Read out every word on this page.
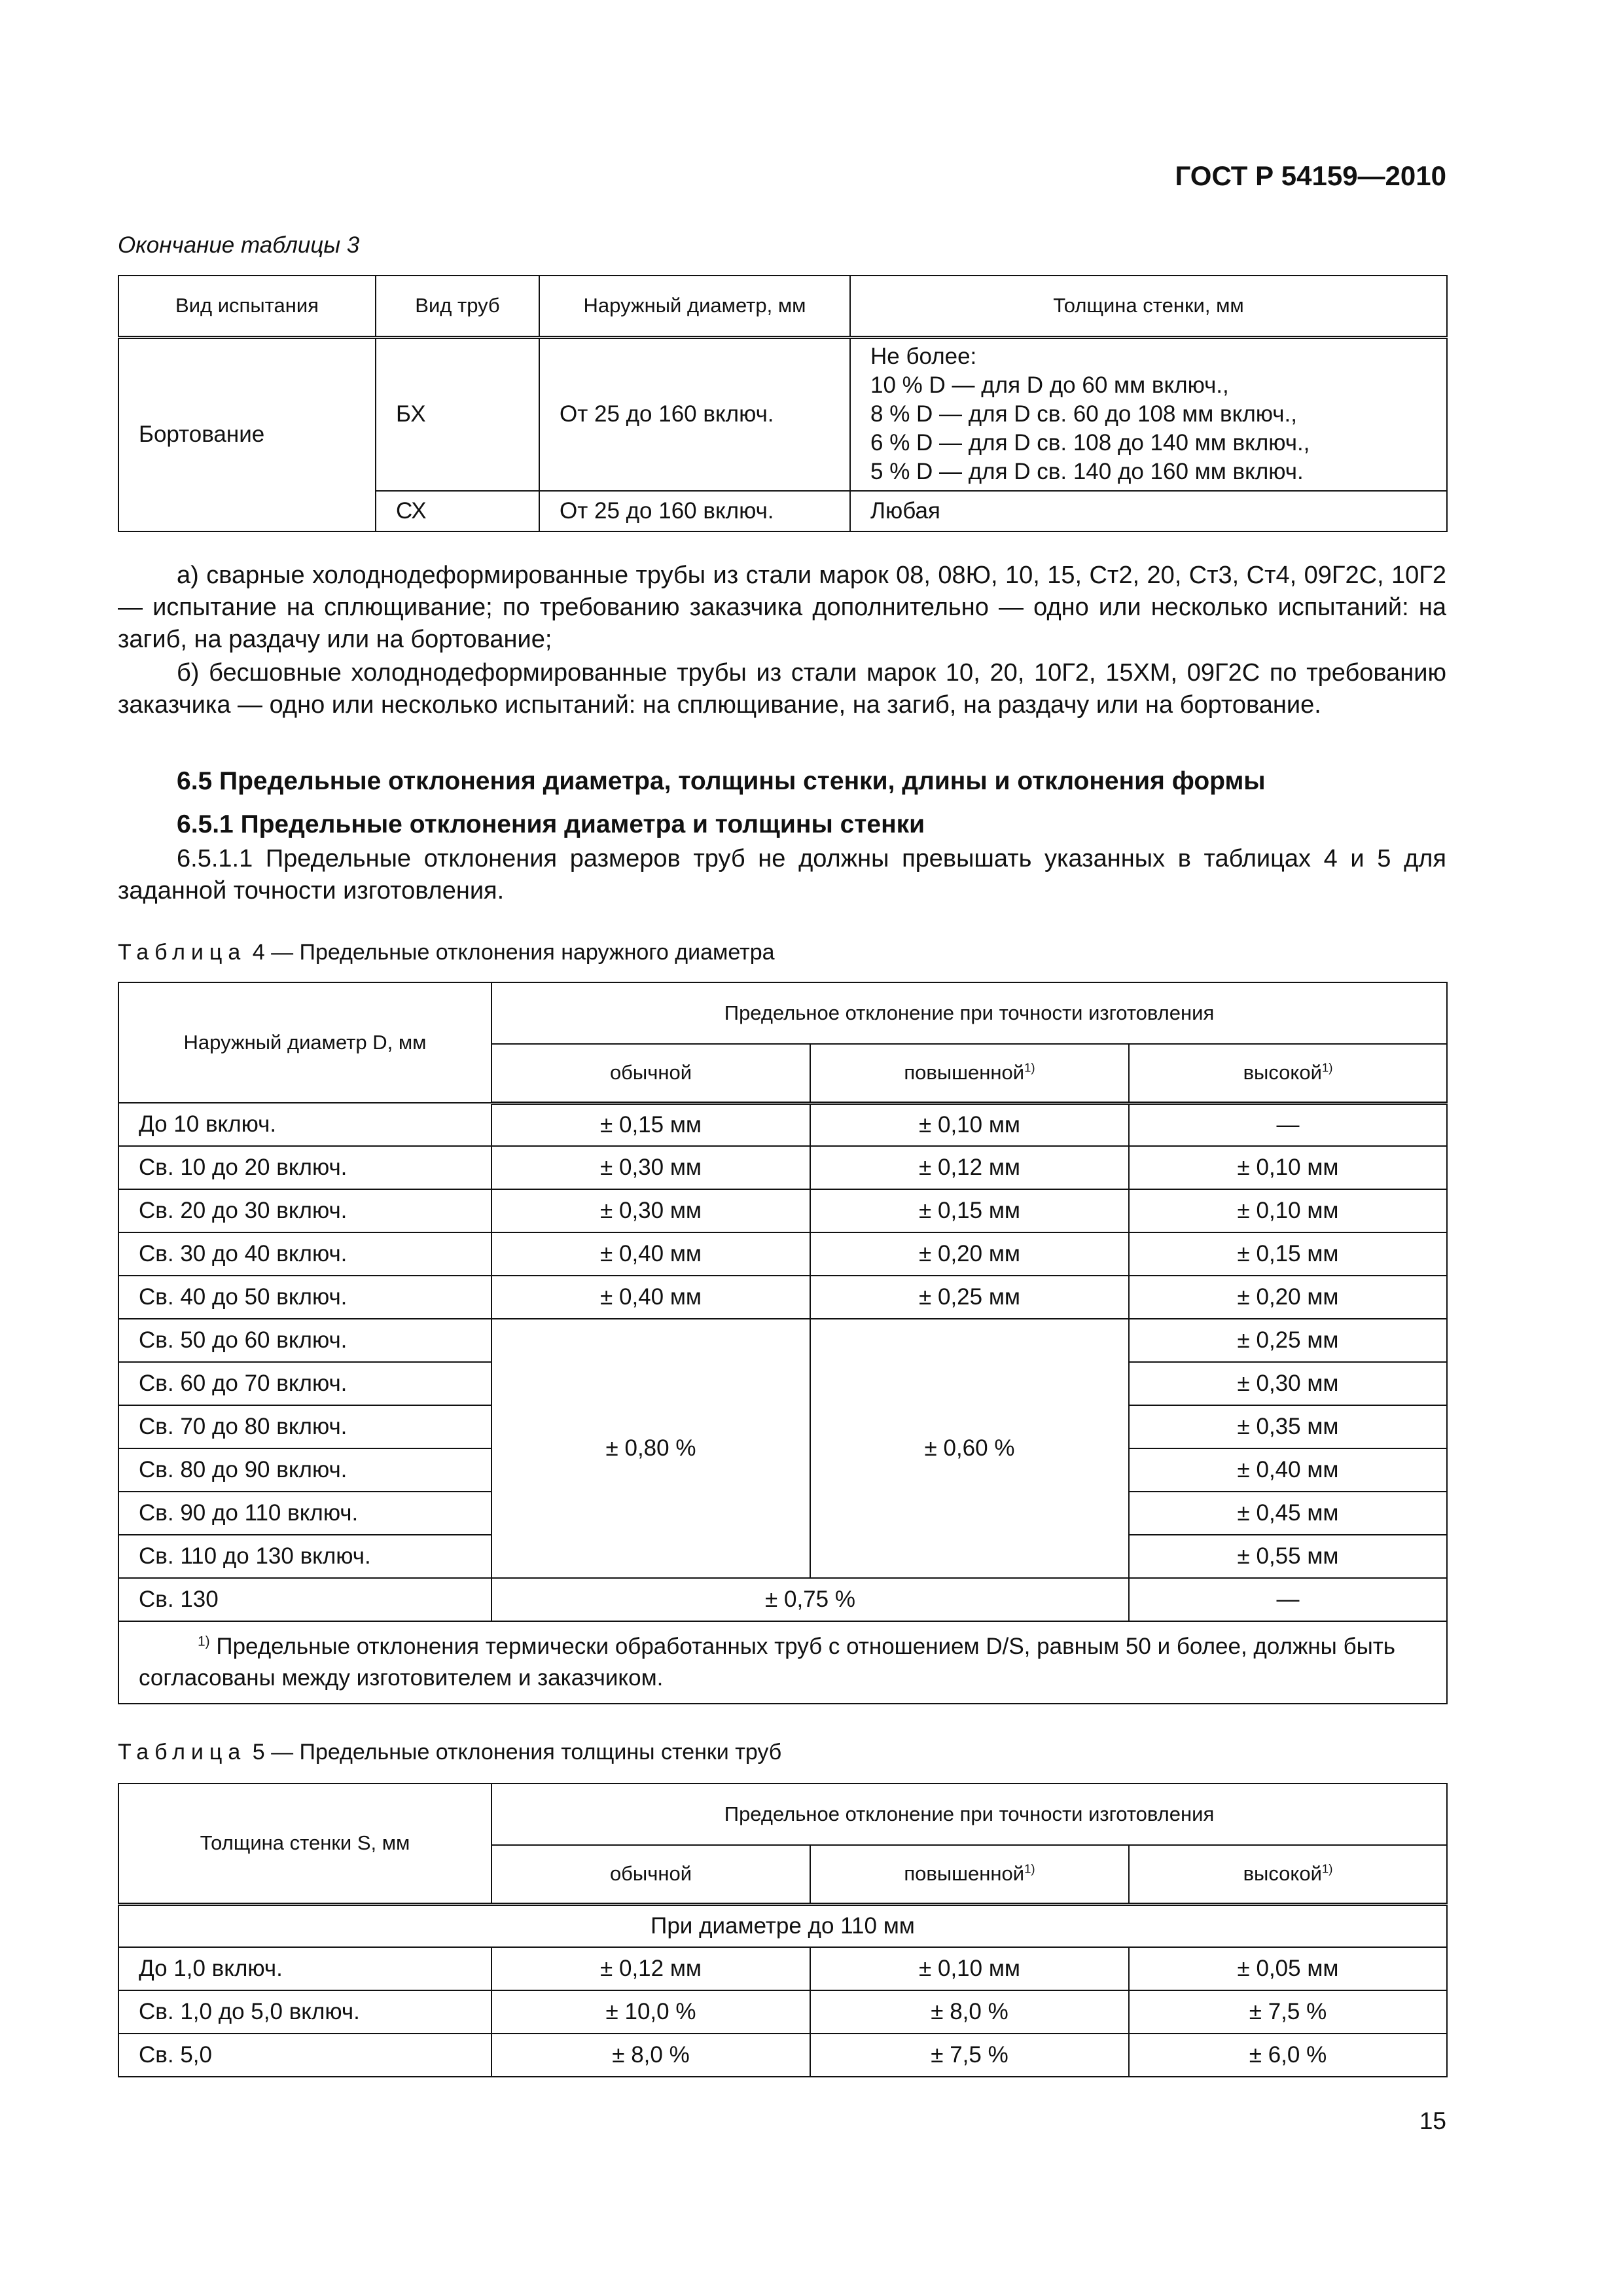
ГОСТ Р 54159—2010
Окончание таблицы 3
Вид испытания	Вид труб	Наружный диаметр, мм	Толщина стенки, мм
Бортование	БХ	От 25 до 160 включ.	Не более:
10 % D — для D до 60 мм включ.,
8 % D — для D св. 60 до 108 мм включ.,
6 % D — для D св. 108 до 140 мм включ.,
5 % D — для D св. 140 до 160 мм включ.

	СХ	От 25 до 160 включ.	Любая
а) сварные холоднодеформированные трубы из стали марок 08, 08Ю, 10, 15, Ст2, 20, Ст3, Ст4, 09Г2С, 10Г2 — испытание на сплющивание; по требованию заказчика дополнительно — одно или несколько испытаний: на загиб, на раздачу или на бортование;
б) бесшовные холоднодеформированные трубы из стали марок 10, 20, 10Г2, 15ХМ, 09Г2С по требованию заказчика — одно или несколько испытаний: на сплющивание, на загиб, на раздачу или на бортование.
6.5 Предельные отклонения диаметра, толщины стенки, длины и отклонения формы
6.5.1 Предельные отклонения диаметра и толщины стенки
6.5.1.1 Предельные отклонения размеров труб не должны превышать указанных в таблицах 4 и 5 для заданной точности изготовления.
Таблица 4 — Предельные отклонения наружного диаметра
Наружный диаметр D, мм	Предельное отклонение при точности изготовления		
	обычной	повышенной$^{1)}$	высокой$^{1)}$
До 10 включ.	± 0,15 мм	± 0,10 мм	—
Св. 10 до 20 включ.	± 0,30 мм	± 0,12 мм	± 0,10 мм
Св. 20 до 30 включ.	± 0,30 мм	± 0,15 мм	± 0,10 мм
Св. 30 до 40 включ.	± 0,40 мм	± 0,20 мм	± 0,15 мм
Св. 40 до 50 включ.	± 0,40 мм	± 0,25 мм	± 0,20 мм
Св. 50 до 60 включ.	± 0,80 %	± 0,60 %	± 0,25 мм
Св. 60 до 70 включ.			± 0,30 мм
Св. 70 до 80 включ.			± 0,35 мм
Св. 80 до 90 включ.			± 0,40 мм
Св. 90 до 110 включ.			± 0,45 мм
Св. 110 до 130 включ.			± 0,55 мм
Св. 130	± 0,75 %		—
$^{1)}$ Предельные отклонения термически обработанных труб с отношением D/S, равным 50 и более, должны быть согласованы между изготовителем и заказчиком.			
Таблица 5 — Предельные отклонения толщины стенки труб
Толщина стенки S, мм	Предельное отклонение при точности изготовления		
	обычной	повышенной$^{1)}$	высокой$^{1)}$
При диаметре до 110 мм			
До 1,0 включ.	± 0,12 мм	± 0,10 мм	± 0,05 мм
Св. 1,0 до 5,0 включ.	± 10,0 %	± 8,0 %	± 7,5 %
Св. 5,0	± 8,0 %	± 7,5 %	± 6,0 %
15
